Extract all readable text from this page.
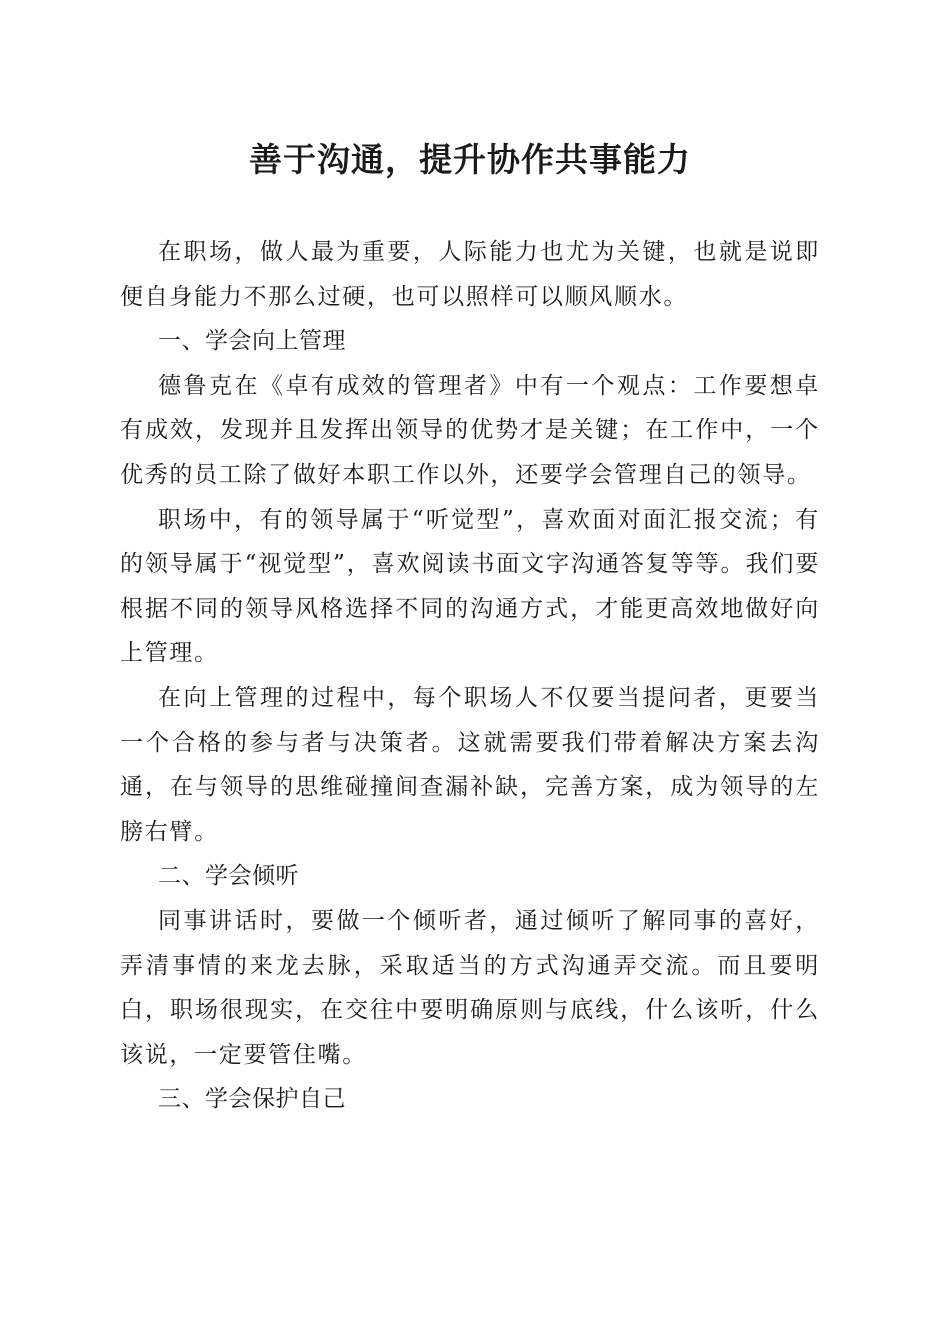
善于沟通，提升协作共事能力

在职场，做人最为重要，人际能力也尤为关键，也就是说即便自身能力不那么过硬，也可以照样可以顺风顺水。

一、学会向上管理

德鲁克在《卓有成效的管理者》中有一个观点：工作要想卓有成效，发现并且发挥出领导的优势才是关键；在工作中，一个优秀的员工除了做好本职工作以外，还要学会管理自己的领导。

职场中，有的领导属于“听觉型”，喜欢面对面汇报交流；有的领导属于“视觉型”，喜欢阅读书面文字沟通答复等等。我们要根据不同的领导风格选择不同的沟通方式，才能更高效地做好向上管理。

在向上管理的过程中，每个职场人不仅要当提问者，更要当一个合格的参与者与决策者。这就需要我们带着解决方案去沟通，在与领导的思维碰撞间查漏补缺，完善方案，成为领导的左膀右臂。

二、学会倾听

同事讲话时，要做一个倾听者，通过倾听了解同事的喜好，弄清事情的来龙去脉，采取适当的方式沟通弄交流。而且要明白，职场很现实，在交往中要明确原则与底线，什么该听，什么该说，一定要管住嘴。

三、学会保护自己
